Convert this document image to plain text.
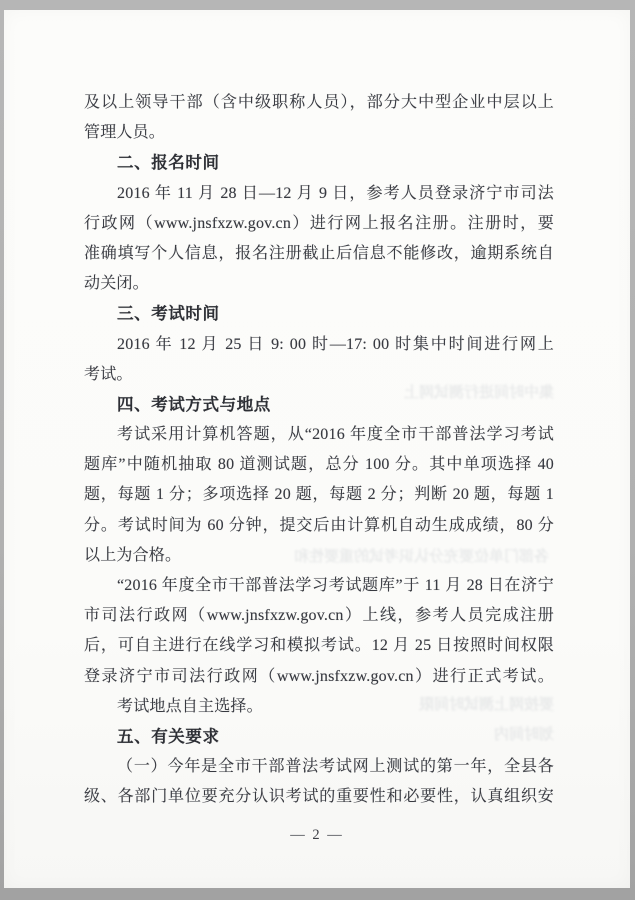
及以上领导干部（含中级职称人员），部分大中型企业中层以上
管理人员。
二、报名时间
2016 年 11 月 28 日—12 月 9 日，参考人员登录济宁市司法
行政网（www.jnsfxzw.gov.cn）进行网上报名注册。注册时，要
准确填写个人信息，报名注册截止后信息不能修改，逾期系统自
动关闭。
三、考试时间
2016 年 12 月 25 日 9: 00 时—17: 00 时集中时间进行网上
考试。
四、考试方式与地点
考试采用计算机答题，从“2016 年度全市干部普法学习考试
题库”中随机抽取 80 道测试题，总分 100 分。其中单项选择 40
题，每题 1 分；多项选择 20 题，每题 2 分；判断 20 题，每题 1
分。考试时间为 60 分钟，提交后由计算机自动生成成绩，80 分
以上为合格。
“2016 年度全市干部普法学习考试题库”于 11 月 28 日在济宁
市司法行政网（www.jnsfxzw.gov.cn）上线，参考人员完成注册
后，可自主进行在线学习和模拟考试。12 月 25 日按照时间权限
登录济宁市司法行政网（www.jnsfxzw.gov.cn）进行正式考试。
考试地点自主选择。
五、有关要求
（一）今年是全市干部普法考试网上测试的第一年，全县各
级、各部门单位要充分认识考试的重要性和必要性，认真组织安
— 2 —
集中时间进行测试网上
各部门单位要充分认识考试的重要性和
要按网上测试时间限
划时间内
